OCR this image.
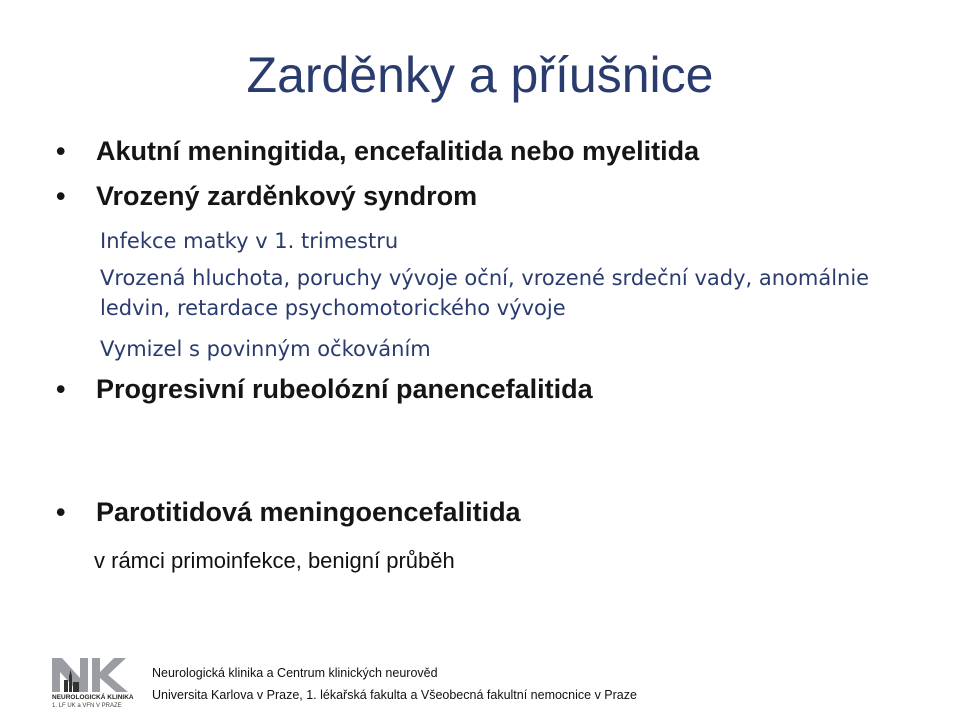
Zarděnky a příušnice
• Akutní meningitida, encefalitida nebo myelitida
• Vrozený zarděnkový syndrom
Infekce matky v 1. trimestru
Vrozená hluchota, poruchy vývoje oční, vrozené srdeční vady, anomálnie ledvin, retardace psychomotorického vývoje
Vymizel s povinným očkováním
• Progresivní rubeolózní panencefalitida
• Parotitidová meningoencefalitida
v rámci primoinfekce, benigní průběh
NEUROLOGICKÁ KLINIKA
1. LF UK a VFN V PRAZE
Neurologická klinika a Centrum klinických neurověd
Universita Karlova v Praze, 1. lékařská fakulta a Všeobecná fakultní nemocnice v Praze
